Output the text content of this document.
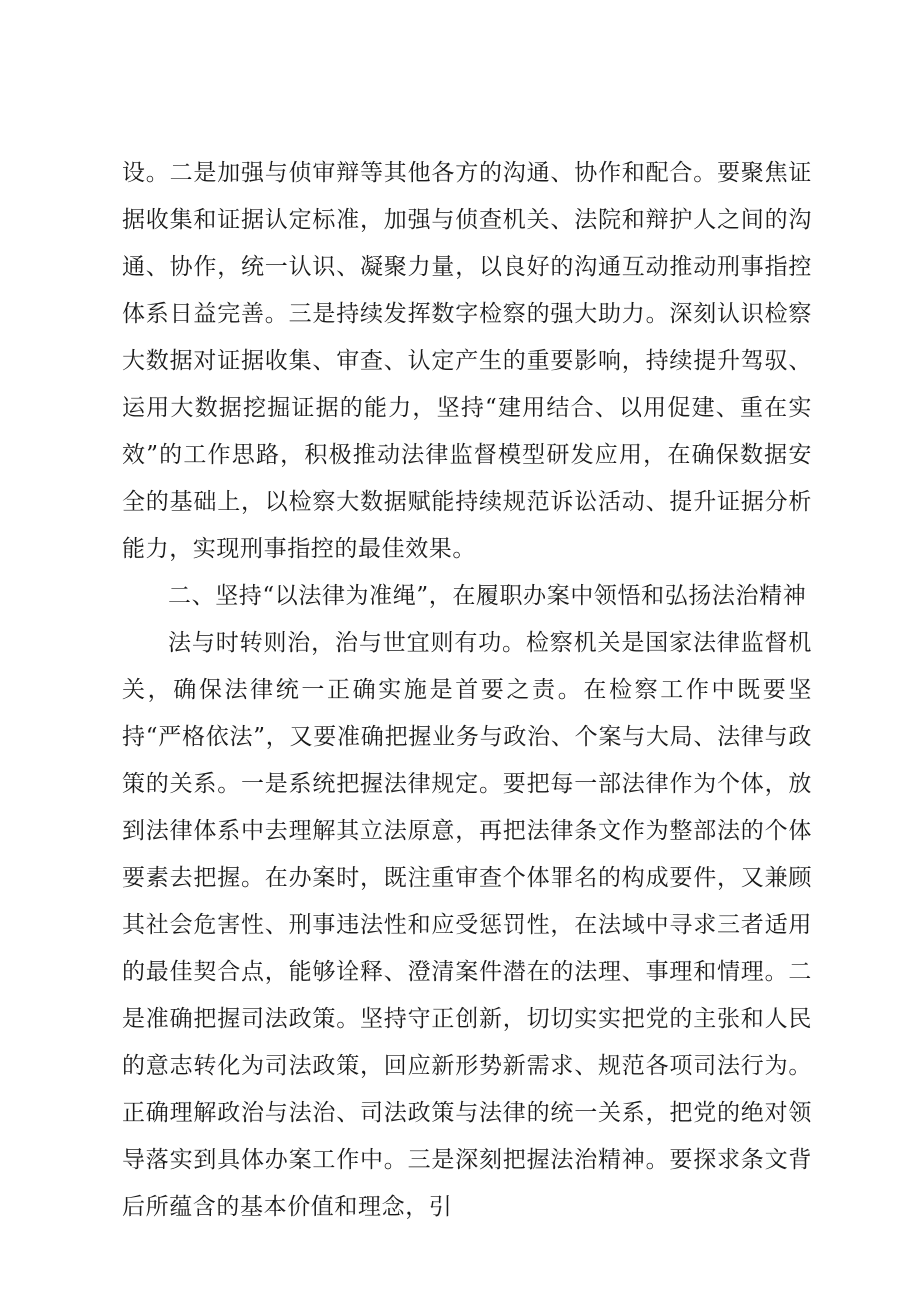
设。二是加强与侦审辩等其他各方的沟通、协作和配合。要聚焦证据收集和证据认定标准，加强与侦查机关、法院和辩护人之间的沟通、协作，统一认识、凝聚力量，以良好的沟通互动推动刑事指控体系日益完善。三是持续发挥数字检察的强大助力。深刻认识检察大数据对证据收集、审查、认定产生的重要影响，持续提升驾驭、运用大数据挖掘证据的能力，坚持“建用结合、以用促建、重在实效”的工作思路，积极推动法律监督模型研发应用，在确保数据安全的基础上，以检察大数据赋能持续规范诉讼活动、提升证据分析能力，实现刑事指控的最佳效果。

二、坚持“以法律为准绳”，在履职办案中领悟和弘扬法治精神

法与时转则治，治与世宜则有功。检察机关是国家法律监督机关，确保法律统一正确实施是首要之责。在检察工作中既要坚持“严格依法”，又要准确把握业务与政治、个案与大局、法律与政策的关系。一是系统把握法律规定。要把每一部法律作为个体，放到法律体系中去理解其立法原意，再把法律条文作为整部法的个体要素去把握。在办案时，既注重审查个体罪名的构成要件，又兼顾其社会危害性、刑事违法性和应受惩罚性，在法域中寻求三者适用的最佳契合点，能够诠释、澄清案件潜在的法理、事理和情理。二是准确把握司法政策。坚持守正创新，切切实实把党的主张和人民的意志转化为司法政策，回应新形势新需求、规范各项司法行为。正确理解政治与法治、司法政策与法律的统一关系，把党的绝对领导落实到具体办案工作中。三是深刻把握法治精神。要探求条文背后所蕴含的基本价值和理念，引
